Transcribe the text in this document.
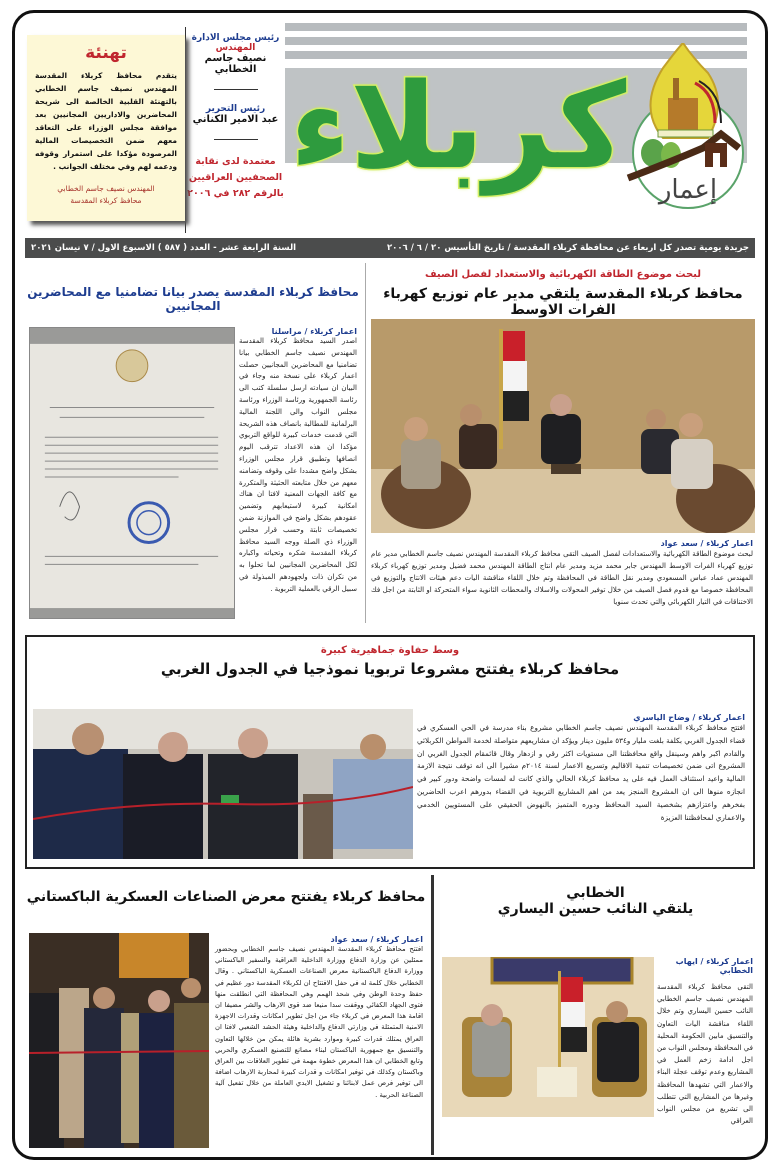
كربلاء إعمار
رئيس مجلس الادارة
المهندس
نصيف جاسم الخطابي
رئيس التحرير
عبد الامير الكناني
معتمدة لدى نقابة
الصحفيين العراقيين
بالرقم ٢٨٢ في ٢٠٠٦
تهنئة

يتقدم محافظ كربلاء المقدسة المهندس نصيف جاسم الخطابي بالتهنئة القلبية الخالصة الى شريحة المحاضرين والاداريين المجانيين بعد موافقة مجلس الوزراء على التعاقد معهم ضمن التخصيصات المالية المرصودة مؤكدا على استمرار وقوفه ودعمه لهم وفي مختلف الجوانب .

المهندس نصيف جاسم الخطابي
محافظ كربلاء المقدسة
جريدة يومية تصدر كل اربعاء عن محافظة كربلاء المقدسة / تاريخ التأسيس ٢٠ / ٦ / ٢٠٠٦
السنة الرابعة عشر - العدد ( ٥٨٧ ) الاسبوع الاول / ٧ نيسان ٢٠٢١
لبحث موضوع الطاقة الكهربائية والاستعداد لفصل الصيف
محافظ كربلاء المقدسة يلتقي مدير عام توزيع كهرباء الفرات الاوسط
اعمار كربلاء / سعد عواد
لبحث موضوع الطاقة الكهربائية والاستعدادات لفصل الصيف التقى محافظ كربلاء المقدسة المهندس نصيف جاسم الخطابي مدير عام توزيع كهرباء الفرات الاوسط المهندس جابر محمد مزيد ومدير عام انتاج الطاقة المهندس محمد فضيل ومدير توزيع كهرباء كربلاء المهندس عماد عباس المسعودي ومدير نقل الطاقة في المحافظة وتم خلال اللقاء مناقشة اليات دعم هيئات الانتاج والتوزيع في المحافظة خصوصا مع قدوم فصل الصيف من خلال توفير المحولات والاسلاك والمحطات الثانوية سواء المتحركة او الثابتة من اجل فك الاختناقات في التيار الكهربائي والتي تحدث سنويا
محافظ كربلاء المقدسة يصدر بيانا تضامنيا مع المحاضرين المجانيين
اعمار كربلاء / مراسلنا
اصدر السيد محافظ كربلاء المقدسة المهندس نصيف جاسم الخطابي بيانا تضامنيا مع المحاضرين المجانيين حصلت اعمار كربلاء على نسخة منه وجاء في البيان ان سيادته ارسل سلسلة كتب الى رئاسة الجمهورية ورئاسة الوزراء ورئاسة مجلس النواب والى اللجنة المالية البرلمانية للمطالبة بانصاف هذه الشريحة التي قدمت خدمات كبيرة للواقع التربوي مؤكدا ان هذه الاعداد تترقب اليوم انصافها وتطبيق قرار مجلس الوزراء بشكل واضح مشددا على وقوفه وتضامنه معهم من خلال متابعته الحثيثة والمتكررة مع كافة الجهات المعنية لافتا ان هناك امكانية كبيرة لاستيعابهم وتضمين عقودهم بشكل واضح في الموازنة ضمن تخصيصات ثابتة وحسب قرار مجلس الوزراء ذي الصلة ووجه السيد محافظ كربلاء المقدسة شكره وتحياته واكباره لكل المحاضرين المجانيين لما تحلوا به من نكران ذات ولجهودهم المبذولة في سبيل الرقي بالعملية التربوية .
وسط حفاوة جماهيرية كبيرة
محافظ كربلاء يفتتح مشروعا تربويا نموذجيا في الجدول الغربي
اعمار كربلاء / وضاح الياسري
افتتح محافظ كربلاء المقدسة المهندس نصيف جاسم الخطابي مشروع بناء مدرسة في الحي العسكري في قضاء الجدول الغربي بكلفة بلغت مليار و٥٣٤ مليون دينار ويؤكد ان مشاريعهم متواصلة لخدمة المواطن الكربلائي والقادم اكبر واهم وسينقل واقع محافظتنا الى مستويات اكثر رقي و ازدهار وقال قائمقام الجدول الغربي ان المشروع اتى ضمن تخصيصات تنمية الاقاليم وتسريع الاعمار لسنة ٢٠١٤م مشيرا الى انه توقف نتيجة الازمة المالية واعيد استئناف العمل فيه على يد محافظ كربلاء الحالي والذي كانت له لمسات واضحة ودور كبير في انجازه منوها الى ان المشروع المنجز يعد من اهم المشاريع التربوية في القضاء بدورهم اعرب الحاضرين بفخرهم واعتزازهم بشخصية السيد المحافظ ودوره المتميز بالنهوض الحقيقي على المستويين الخدمي والاعماري لمحافظتنا العزيزة
محافظ كربلاء يفتتح معرض الصناعات العسكرية الباكستاني
اعمار كربلاء / سعد عواد
افتتح محافظ كربلاء المقدسة المهندس نصيف جاسم الخطابي وبحضور ممثلين عن وزارة الدفاع ووزارة الداخلية العراقية والسفير الباكستاني ووزارة الدفاع الباكستانية معرض الصناعات العسكرية الباكستاني . وقال الخطابي خلال كلمة له في حفل الافتتاح ان لكربلاء المقدسة دور عظيم في حفظ وحدة الوطن وفي شحذ الهمم وهي المحافظة التي انطلقت منها فتوى الجهاد الكفائي ووقفت سدا منيعا ضد قوى الارهاب والشر مضيفا ان اقامة هذا المعرض في كربلاء جاء من اجل تطوير امكانات وقدرات الاجهزة الامنية المتمثلة في وزارتي الدفاع والداخلية وهيئة الحشد الشعبي لافتا ان العراق يمتلك قدرات كبيرة وموارد بشرية هائلة يمكن من خلالها التعاون والتنسيق مع جمهورية الباكستان لبناء مصانع للتصنيع العسكري والحربي وتابع الخطابي ان هذا المعرض خطوة مهمة في تطوير العلاقات بين العراق وباكستان وكذلك في توفير امكانات و قدرات كبيرة لمحاربة الارهاب اضافة الى توفير فرص عمل لابنائنا و تشغيل الايدي العاملة من خلال تفعيل آلية الصناعة الحربية .
الخطابي
يلتقي النائب حسين اليساري
اعمار كربلاء / ايهاب الخطابي
التقى محافظ كربلاء المقدسة المهندس نصيف جاسم الخطابي النائب حسين اليساري وتم خلال اللقاء مناقشة اليات التعاون والتنسيق مابين الحكومة المحلية في المحافظة ومجلس النواب من اجل ادامة زخم العمل في المشاريع وعدم توقف عجلة البناء والاعمار التي تشهدها المحافظة وغيرها من المشاريع التي تتطلب الى تشريع من مجلس النواب العراقي
